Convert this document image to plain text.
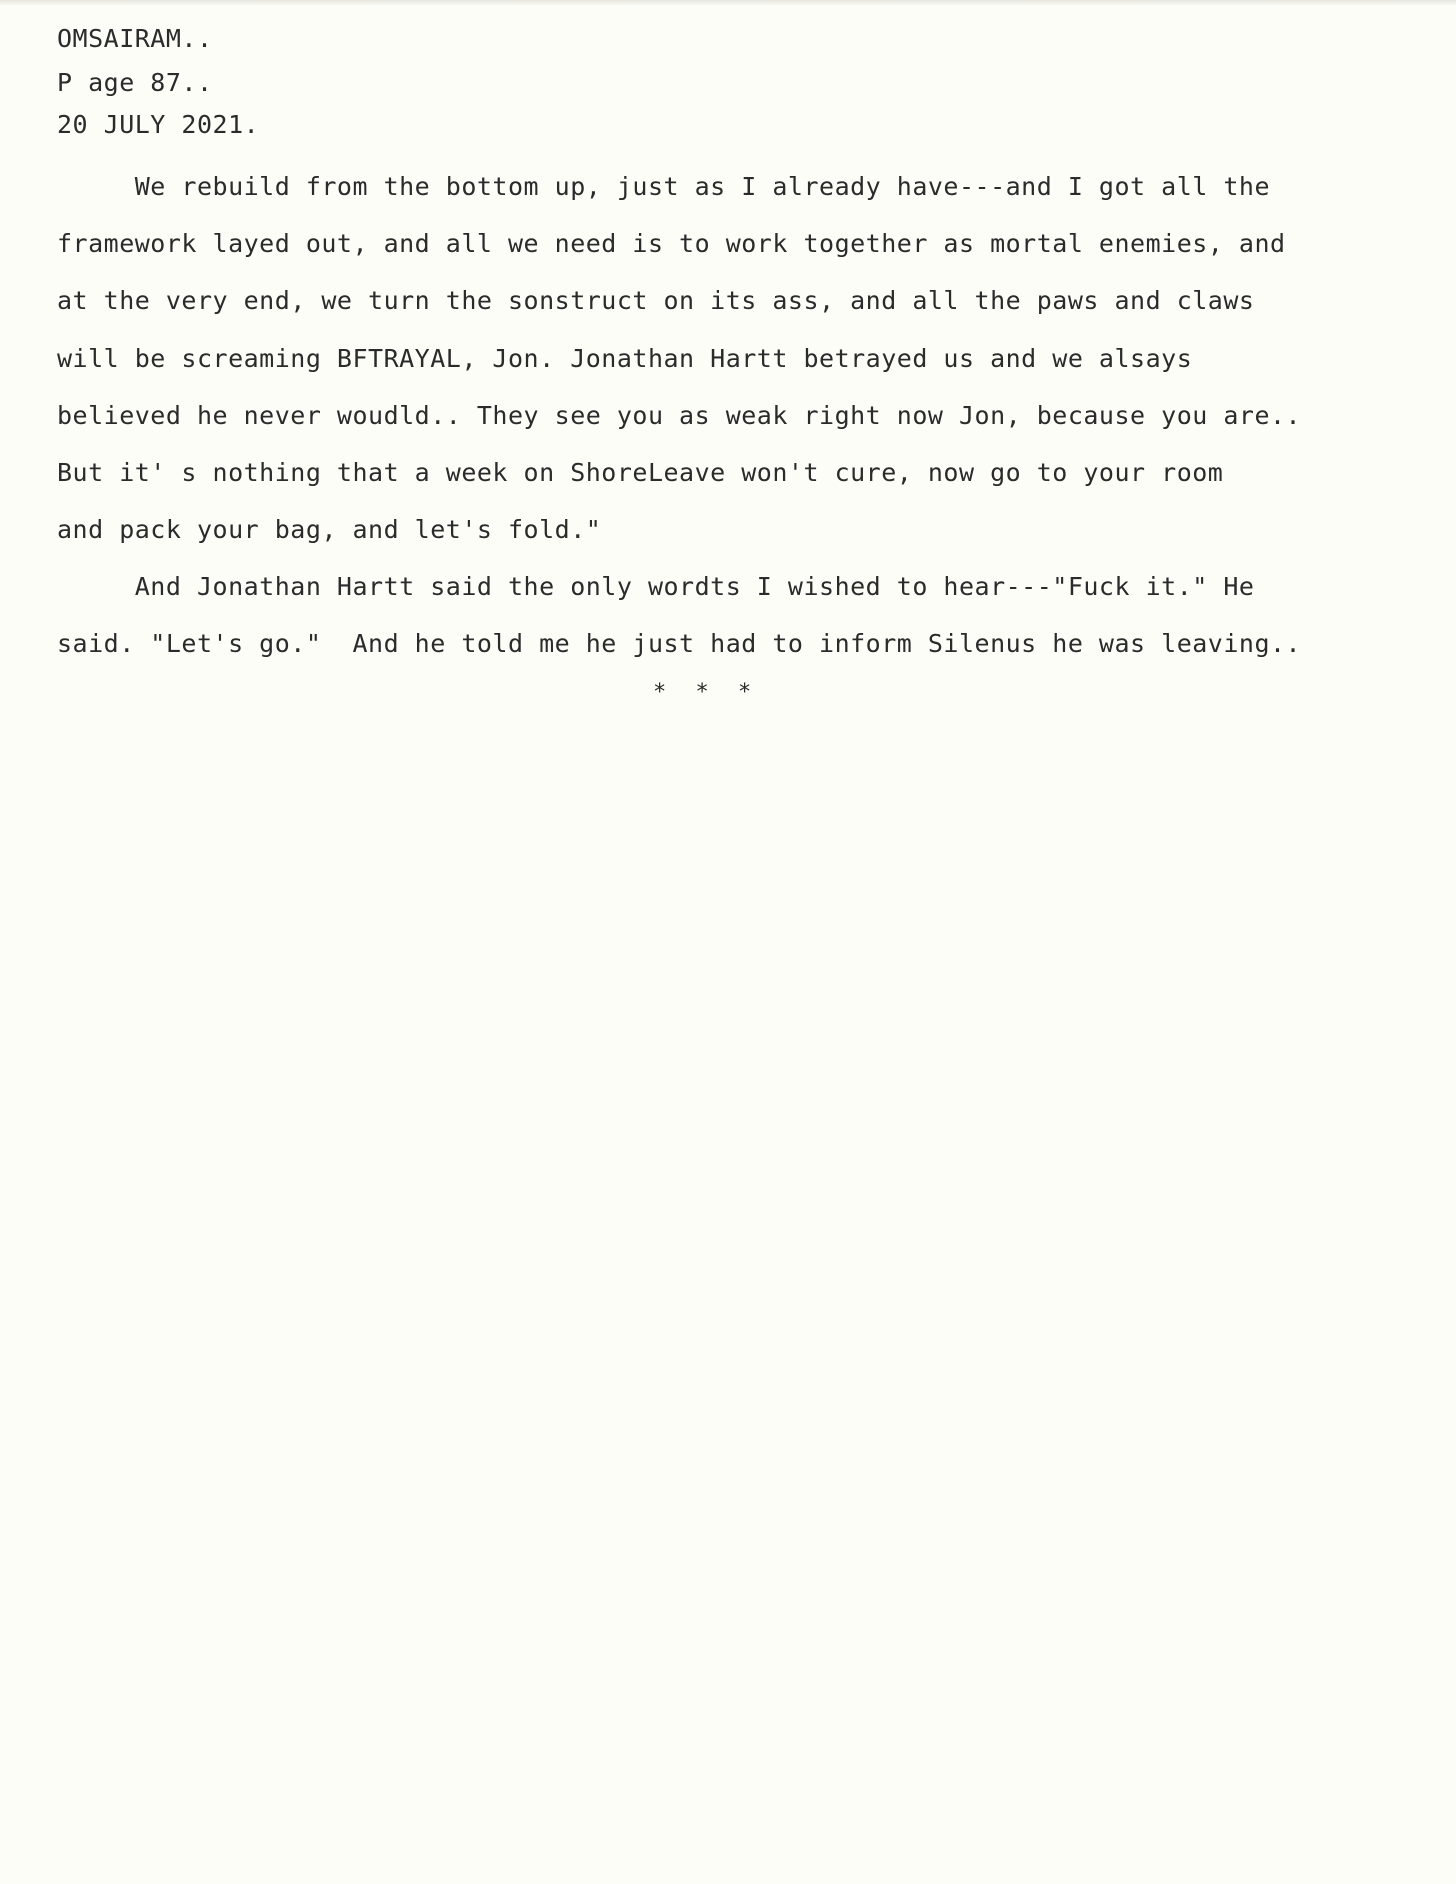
OMSAIRAM..
P age 87..
20 JULY 2021.
We rebuild from the bottom up, just as I already have---and I got all the
framework layed out, and all we need is to work together as mortal enemies, and
at the very end, we turn the sonstruct on its ass, and all the paws and claws
will be screaming BFTRAYAL, Jon. Jonathan Hartt betrayed us and we alsays
believed he never woudld.. They see you as weak right now Jon, because you are..
But it' s nothing that a week on ShoreLeave won't cure, now go to your room
and pack your bag, and let's fold."
And Jonathan Hartt said the only wordts I wished to hear---"Fuck it." He
said. "Let's go."  And he told me he just had to inform Silenus he was leaving..
* * *
